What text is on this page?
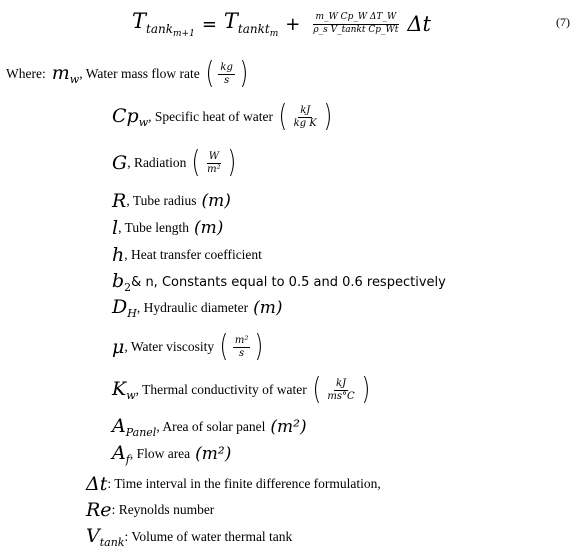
$T_{tank_{m+1}} = T_{tankt_m} + \frac{\text{m\_W Cp\_W ΔT\_W}}{\text{ρ\_s V\_tankt Cp\_Wt}}$ Δt	(7)
Where: $m_w$ , Water mass flow rate ( $\frac{kg}{s}$ )
$Cp_w$ , Specific heat of water ( $\frac{kJ}{\text{kg K}}$ )
G , Radiation ( $\frac{W}{\text{m²}}$ )
R , Tube radius (m)
l , Tube length (m)
h , Heat transfer coefficient
$b_2$ & n, Constants equal to 0.5 and 0.6 respectively
$D_H$ , Hydraulic diameter (m)
μ , Water viscosity ( $\frac{\text{m²}}{s}$ )
$K_w$ , Thermal conductivity of water ( $\frac{kJ}{ms^\circ C}$ )
$A_{Panel}$ , Area of solar panel (m²)
$A_f$ , Flow area (m²)
Δt : Time interval in the finite difference formulation,
Re : Reynolds number
$V_{tank}$ : Volume of water thermal tank
